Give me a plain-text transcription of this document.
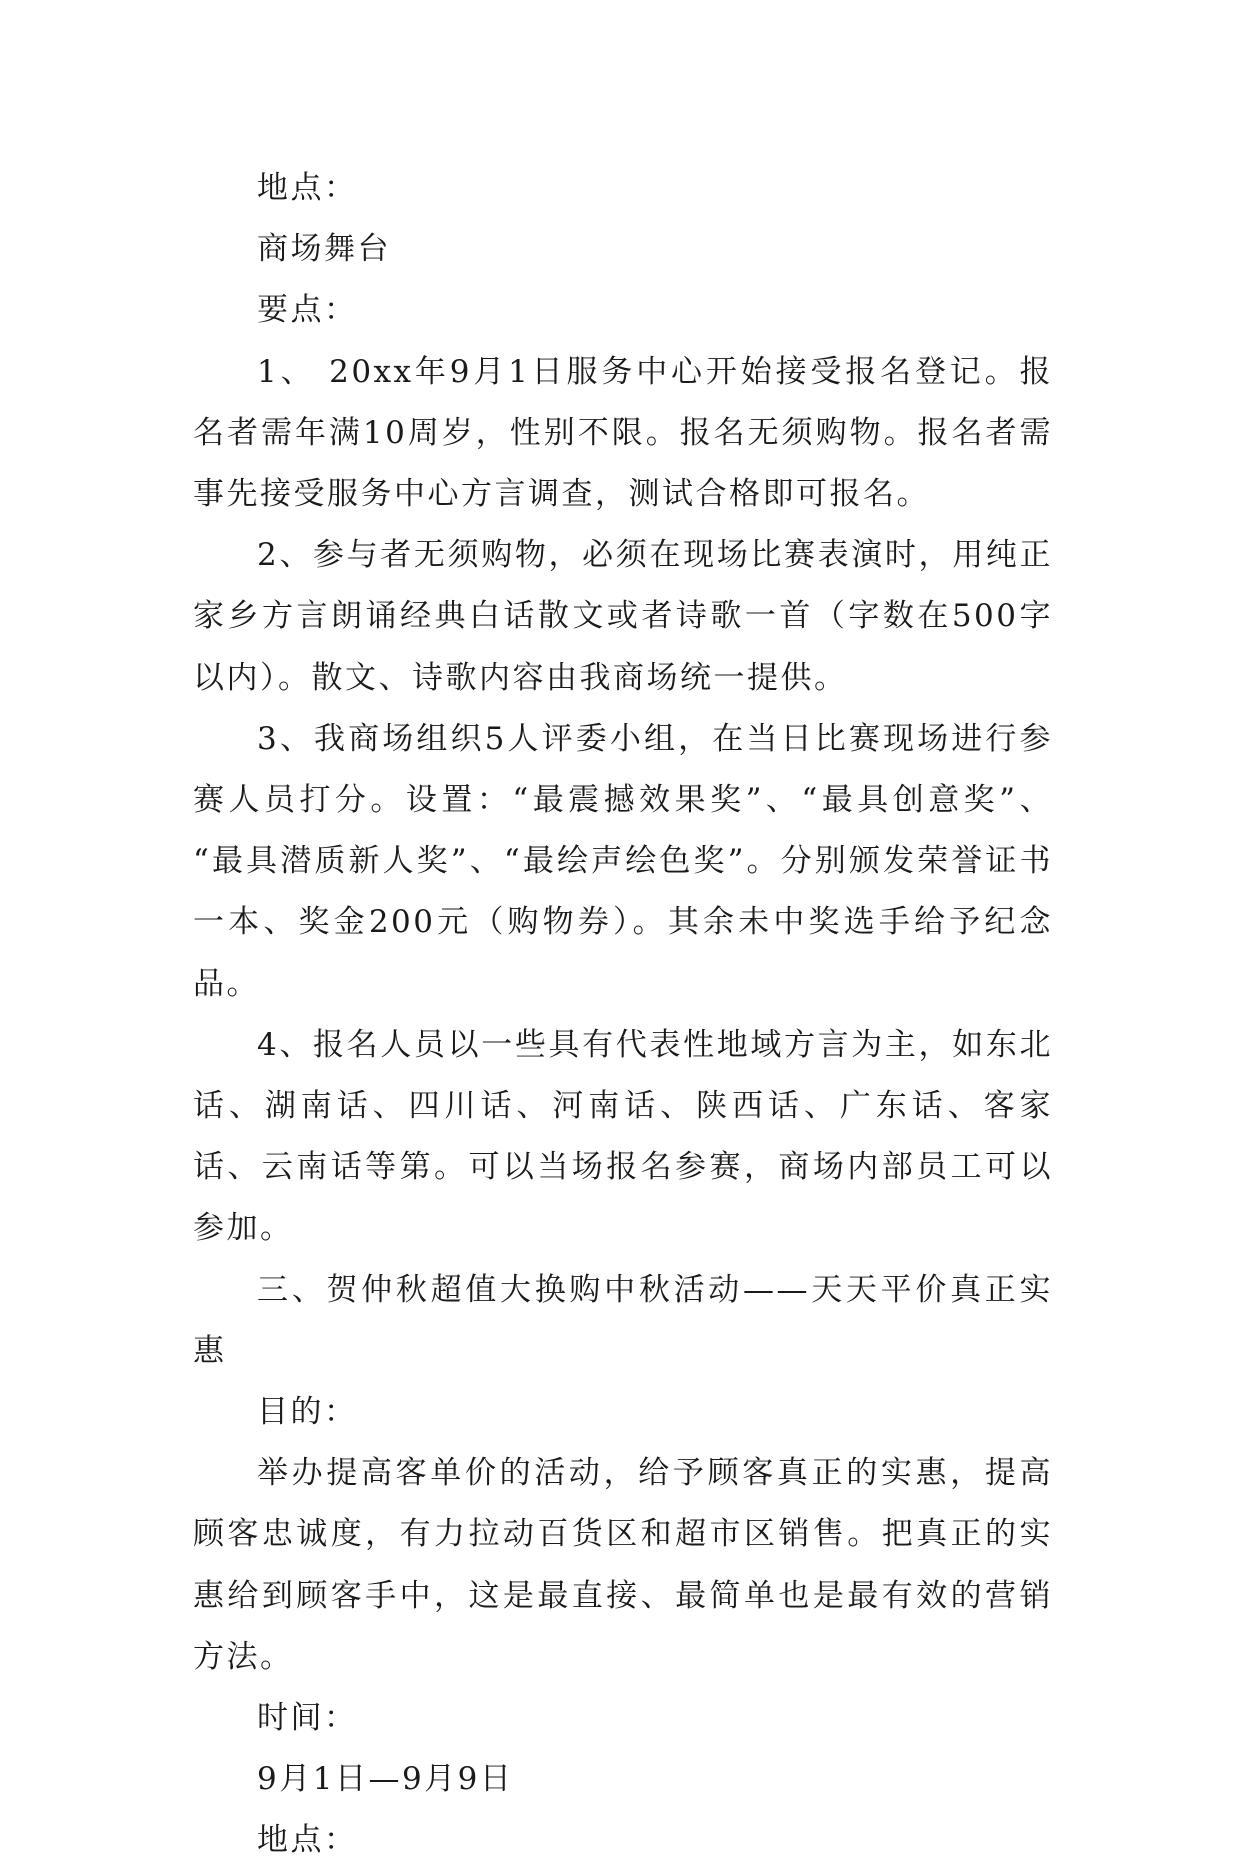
地点：

商场舞台

要点：

1、 20xx年9月1日服务中心开始接受报名登记。报名者需年满10周岁，性别不限。报名无须购物。报名者需事先接受服务中心方言调查，测试合格即可报名。

2、参与者无须购物，必须在现场比赛表演时，用纯正家乡方言朗诵经典白话散文或者诗歌一首（字数在500字以内）。散文、诗歌内容由我商场统一提供。

3、我商场组织5人评委小组，在当日比赛现场进行参赛人员打分。设置：“最震撼效果奖”、“最具创意奖”、 “最具潜质新人奖”、“最绘声绘色奖”。分别颁发荣誉证书一本、奖金200元（购物券）。其余未中奖选手给予纪念品。

4、报名人员以一些具有代表性地域方言为主，如东北话、湖南话、四川话、河南话、陕西话、广东话、客家话、云南话等第。可以当场报名参赛，商场内部员工可以参加。

三、贺仲秋超值大换购中秋活动——天天平价真正实惠

目的：

举办提高客单价的活动，给予顾客真正的实惠，提高顾客忠诚度，有力拉动百货区和超市区销售。把真正的实惠给到顾客手中，这是最直接、最简单也是最有效的营销方法。

时间：

9月1日—9月9日

地点：
